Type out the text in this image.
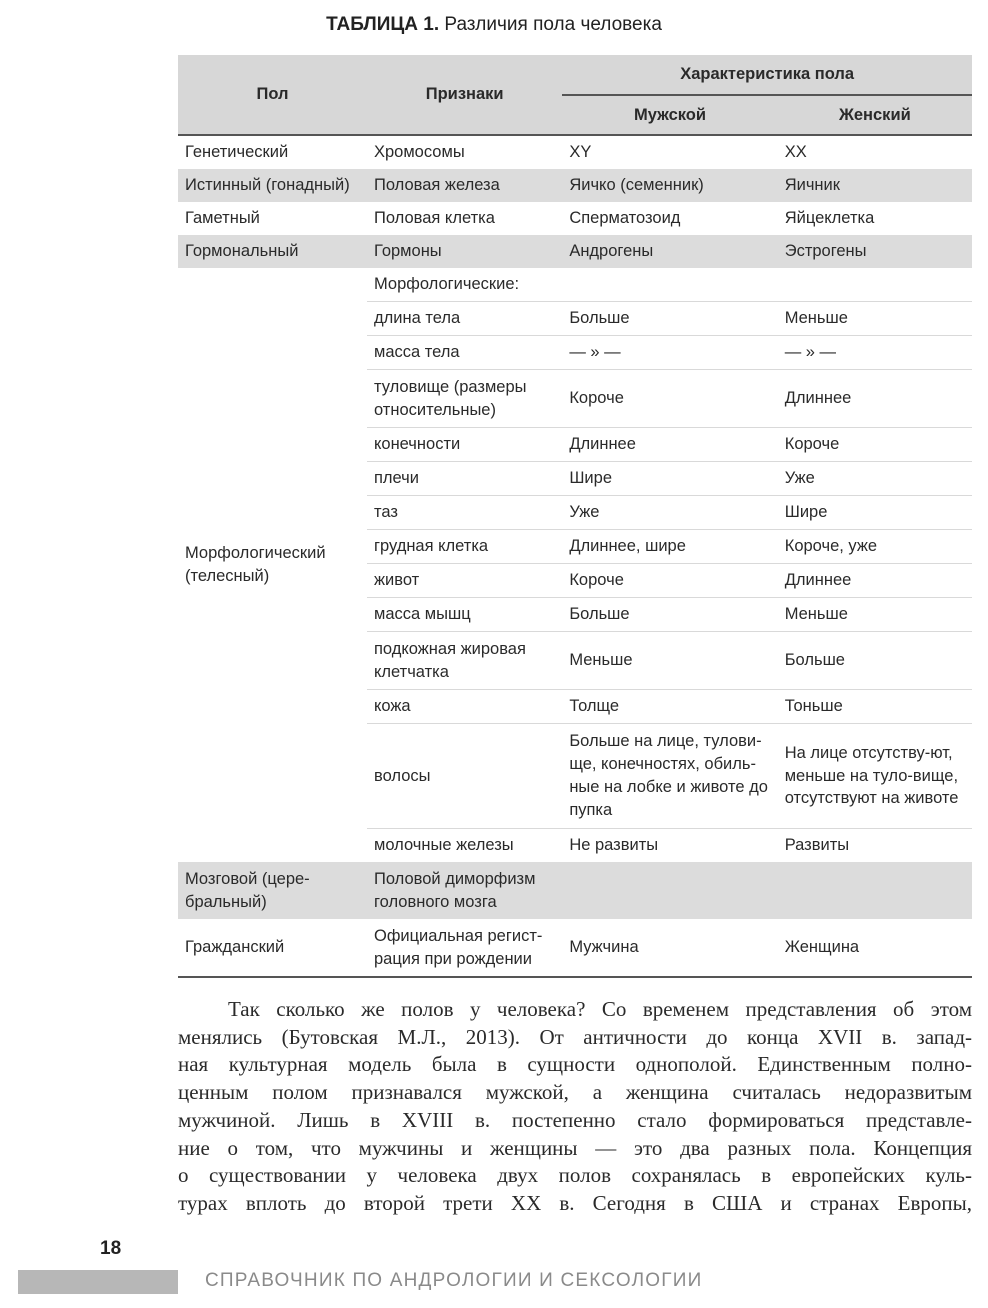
ТАБЛИЦА 1. Различия пола человека
Пол	Признаки	Характеристика пола	
		Мужской	Женский
Генетический	Хромосомы	XY	XX
Истинный (гонадный)	Половая железа	Яичко (семенник)	Яичник
Гаметный	Половая клетка	Сперматозоид	Яйцеклетка
Гормональный	Гормоны	Андрогены	Эстрогены
Морфологический (телесный)	Морфологические:		
	длина тела	Больше	Меньше
	масса тела	— » —	— » —
	туловище (размеры относительные)	Короче	Длиннее
	конечности	Длиннее	Короче
	плечи	Шире	Уже
	таз	Уже	Шире
	грудная клетка	Длиннее, шире	Короче, уже
	живот	Короче	Длиннее
	масса мышц	Больше	Меньше
	подкожная жировая клетчатка	Меньше	Больше
	кожа	Толще	Тоньше
	волосы	Больше на лице, тулови-ще, конечностях, обиль-ные на лобке и животе до пупка	На лице отсутству-ют, меньше на туло-вище, отсутствуют на животе
	молочные железы	Не развиты	Развиты
Мозговой (цере-бральный)	Половой диморфизм головного мозга		
Гражданский	Официальная регист-рация при рождении	Мужчина	Женщина

Так сколько же полов у человека? Со временем представления об этом

менялись (Бутовская М.Л., 2013). От античности до конца XVII в. запад-

ная культурная модель была в сущности однополой. Единственным полно-

ценным полом признавался мужской, а женщина считалась недоразвитым

мужчиной. Лишь в XVIII в. постепенно стало формироваться представле-

ние о том, что мужчины и женщины — это два разных пола. Концепция

о существовании у человека двух полов сохранялась в европейских куль-

турах вплоть до второй трети XX в. Сегодня в США и странах Европы,

18
СПРАВОЧНИК ПО АНДРОЛОГИИ И СЕКСОЛОГИИ
